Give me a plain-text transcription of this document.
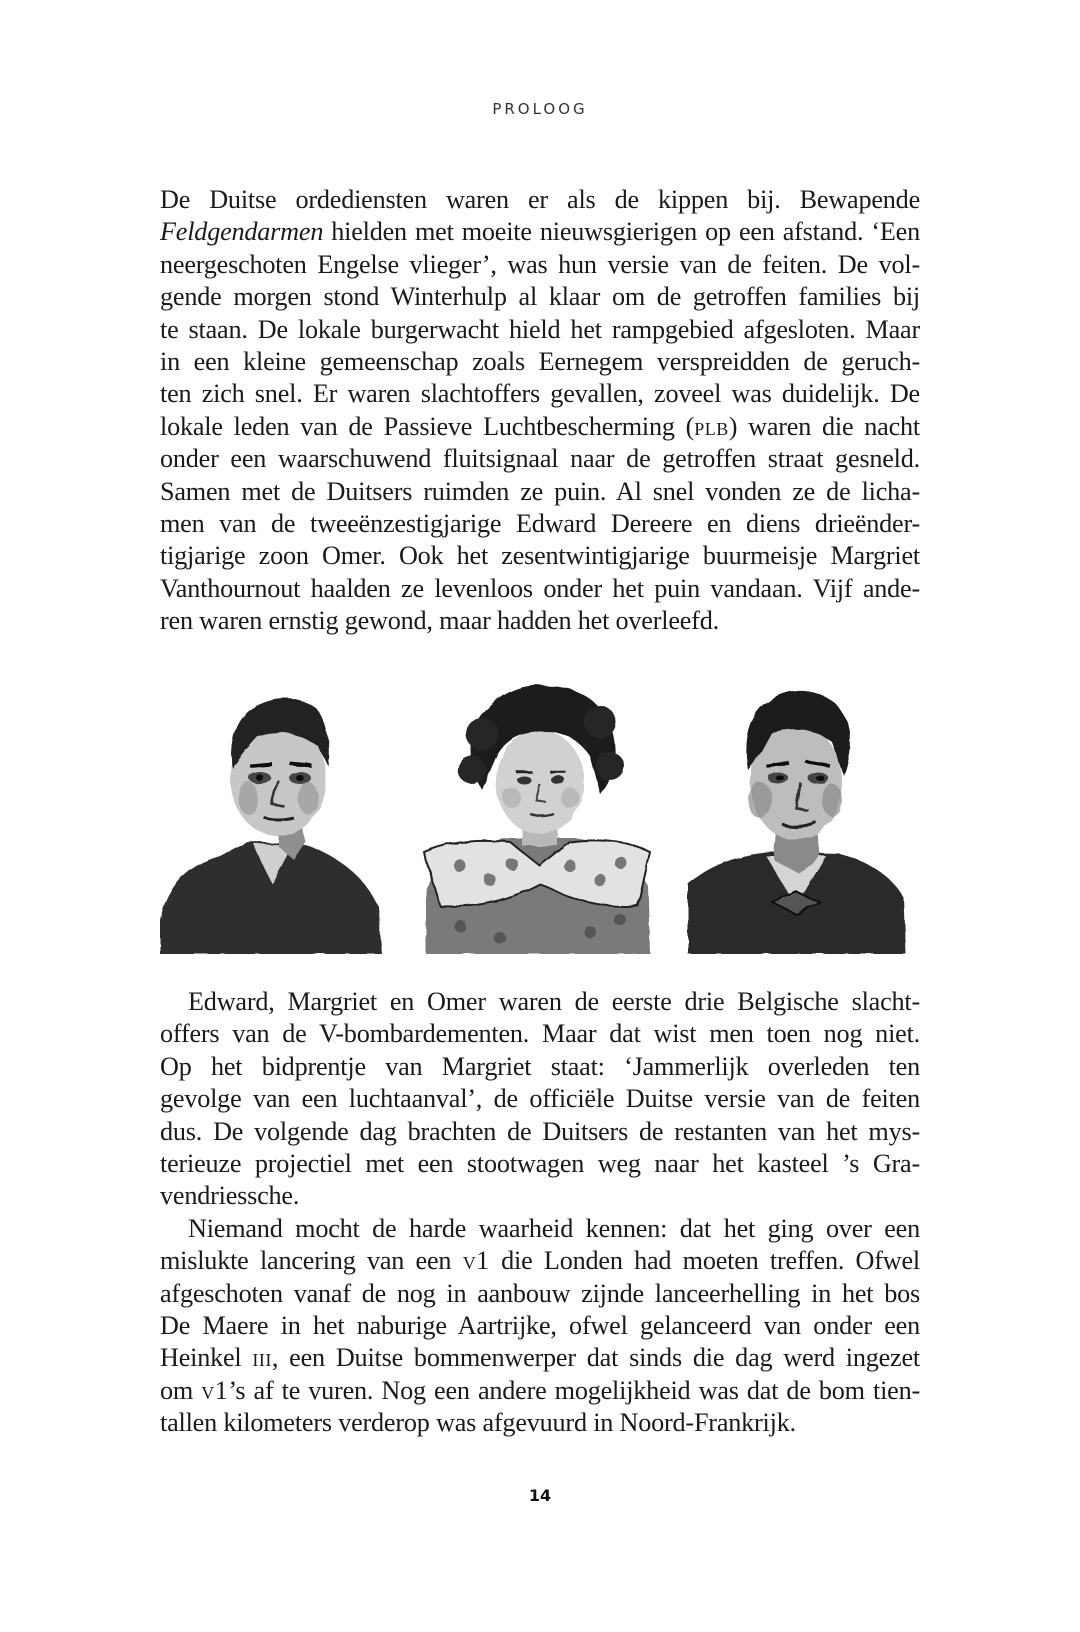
PROLOOG
De Duitse ordediensten waren er als de kippen bij. Bewapende
Feldgendarmen hielden met moeite nieuwsgierigen op een afstand. ‘Een
neergeschoten Engelse vlieger’, was hun versie van de feiten. De vol-
gende morgen stond Winterhulp al klaar om de getroffen families bij
te staan. De lokale burgerwacht hield het rampgebied afgesloten. Maar
in een kleine gemeenschap zoals Eernegem verspreidden de geruch-
ten zich snel. Er waren slachtoffers gevallen, zoveel was duidelijk. De
lokale leden van de Passieve Luchtbescherming (plb) waren die nacht
onder een waarschuwend fluitsignaal naar de getroffen straat gesneld.
Samen met de Duitsers ruimden ze puin. Al snel vonden ze de licha-
men van de tweeënzestigjarige Edward Dereere en diens drieënder-
tigjarige zoon Omer. Ook het zesentwintigjarige buurmeisje Margriet
Vanthournout haalden ze levenloos onder het puin vandaan. Vijf ande-
ren waren ernstig gewond, maar hadden het overleefd.
Edward, Margriet en Omer waren de eerste drie Belgische slacht-
offers van de V-bombardementen. Maar dat wist men toen nog niet.
Op het bidprentje van Margriet staat: ‘Jammerlijk overleden ten
gevolge van een luchtaanval’, de officiële Duitse versie van de feiten
dus. De volgende dag brachten de Duitsers de restanten van het mys-
terieuze projectiel met een stootwagen weg naar het kasteel ’s Gra-
vendriessche.
Niemand mocht de harde waarheid kennen: dat het ging over een
mislukte lancering van een v1 die Londen had moeten treffen. Ofwel
afgeschoten vanaf de nog in aanbouw zijnde lanceerhelling in het bos
De Maere in het naburige Aartrijke, ofwel gelanceerd van onder een
Heinkel iii, een Duitse bommenwerper dat sinds die dag werd ingezet
om v1’s af te vuren. Nog een andere mogelijkheid was dat de bom tien-
tallen kilometers verderop was afgevuurd in Noord-Frankrijk.
14
